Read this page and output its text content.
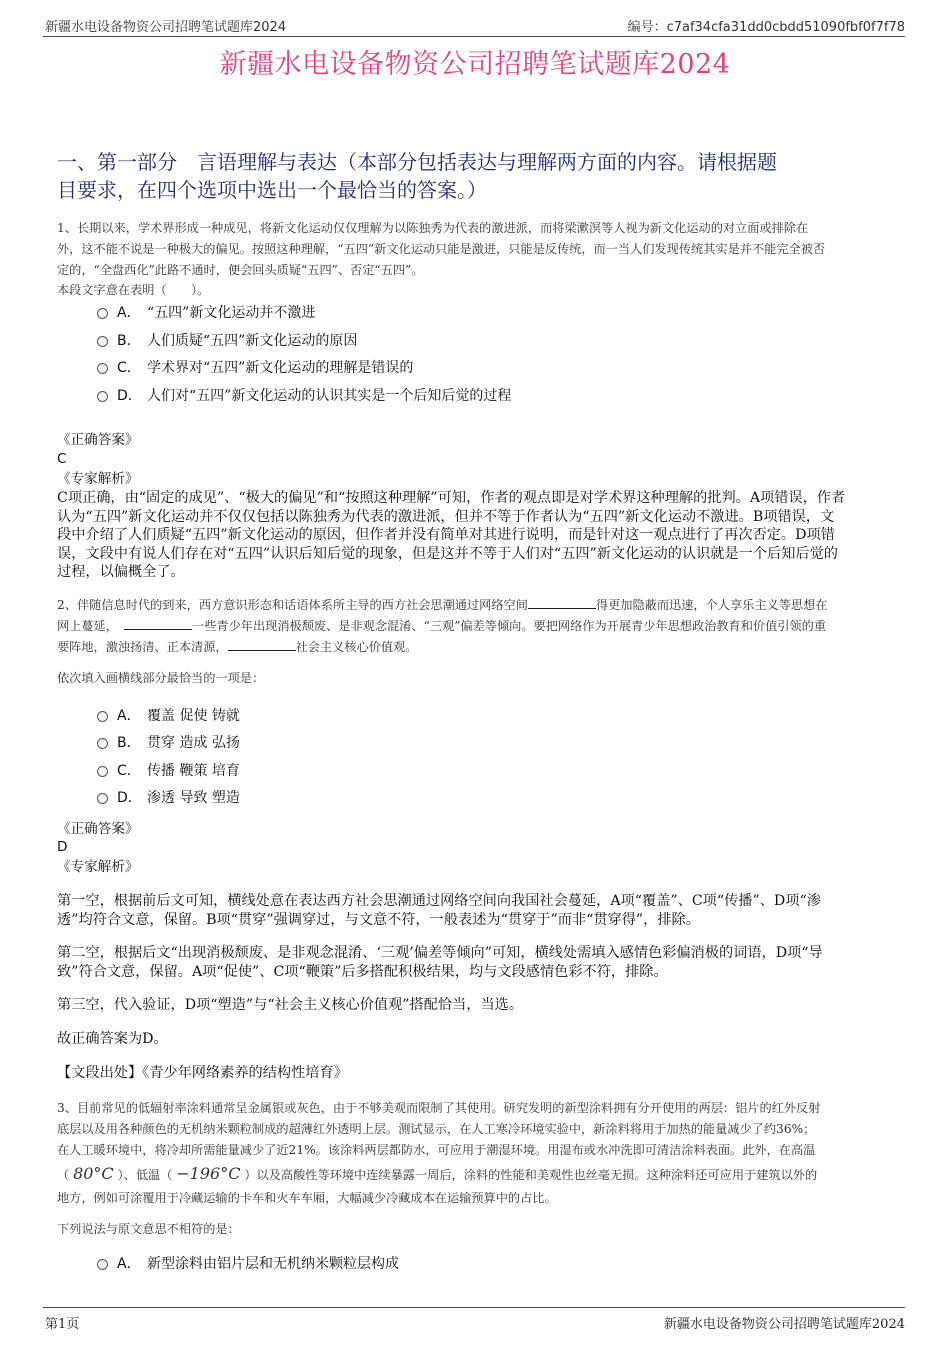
新疆水电设备物资公司招聘笔试题库2024	编号：c7af34cfa31dd0cbdd51090fbf0f7f78
新疆水电设备物资公司招聘笔试题库2024
一、第一部分　言语理解与表达（本部分包括表达与理解两方面的内容。请根据题
目要求，在四个选项中选出一个最恰当的答案。）
1、长期以来，学术界形成一种成见，将新文化运动仅仅理解为以陈独秀为代表的激进派，而将梁漱溟等人视为新文化运动的对立面或排除在
外，这不能不说是一种极大的偏见。按照这种理解，“五四”新文化运动只能是激进，只能是反传统，而一当人们发现传统其实是并不能完全被否
定的，“全盘西化”此路不通时，便会回头质疑“五四”、否定“五四”。
本段文字意在表明（　　）。
A． “五四”新文化运动并不激进
B． 人们质疑“五四”新文化运动的原因
C． 学术界对“五四”新文化运动的理解是错误的
D． 人们对“五四”新文化运动的认识其实是一个后知后觉的过程
《正确答案》
C
《专家解析》
C项正确，由“固定的成见”、“极大的偏见”和“按照这种理解”可知，作者的观点即是对学术界这种理解的批判。A项错误，作者
认为“五四”新文化运动并不仅仅包括以陈独秀为代表的激进派，但并不等于作者认为“五四”新文化运动不激进。B项错误，文
段中介绍了人们质疑“五四”新文化运动的原因，但作者并没有简单对其进行说明，而是针对这一观点进行了再次否定。D项错
误，文段中有说人们存在对“五四”认识后知后觉的现象，但是这并不等于人们对“五四”新文化运动的认识就是一个后知后觉的
过程，以偏概全了。
2、伴随信息时代的到来，西方意识形态和话语体系所主导的西方社会思潮通过网络空间	得更加隐蔽而迅速，个人享乐主义等思想在
网上蔓延，　	一些青少年出现消极颓废、是非观念混淆、“三观”偏差等倾向。要把网络作为开展青少年思想政治教育和价值引领的重
要阵地，激浊扬清、正本清源，	社会主义核心价值观。
依次填入画横线部分最恰当的一项是：
A． 覆盖 促使 铸就
B． 贯穿 造成 弘扬
C． 传播 鞭策 培育
D． 渗透 导致 塑造
《正确答案》
D
《专家解析》
第一空，根据前后文可知，横线处意在表达西方社会思潮通过网络空间向我国社会蔓延，A项“覆盖”、C项“传播”、D项“渗
透”均符合文意，保留。B项“贯穿”强调穿过，与文意不符，一般表述为“贯穿于”而非“贯穿得”，排除。
第二空，根据后文“出现消极颓废、是非观念混淆、‘三观’偏差等倾向”可知，横线处需填入感情色彩偏消极的词语，D项“导
致”符合文意，保留。A项“促使”、C项“鞭策”后多搭配积极结果，均与文段感情色彩不符，排除。
第三空，代入验证，D项“塑造”与“社会主义核心价值观”搭配恰当，当选。
故正确答案为D。
【文段出处】《青少年网络素养的结构性培育》
3、目前常见的低辐射率涂料通常呈金属银或灰色，由于不够美观而限制了其使用。研究发明的新型涂料拥有分开使用的两层：铝片的红外反射
底层以及用各种颜色的无机纳米颗粒制成的超薄红外透明上层。测试显示，在人工寒冷环境实验中，新涂料将用于加热的能量减少了约36%；
在人工暖环境中，将冷却所需能量减少了近21%。该涂料两层都防水，可应用于潮湿环境。用湿布或水冲洗即可清洁涂料表面。此外，在高温
（ 80°C ）、低温（ −196°C ）以及高酸性等环境中连续暴露一周后，涂料的性能和美观性也丝毫无损。这种涂料还可应用于建筑以外的
地方，例如可涂覆用于冷藏运输的卡车和火车车厢，大幅减少冷藏成本在运输预算中的占比。
下列说法与原文意思不相符的是：
A． 新型涂料由铝片层和无机纳米颗粒层构成
第1页	新疆水电设备物资公司招聘笔试题库2024
